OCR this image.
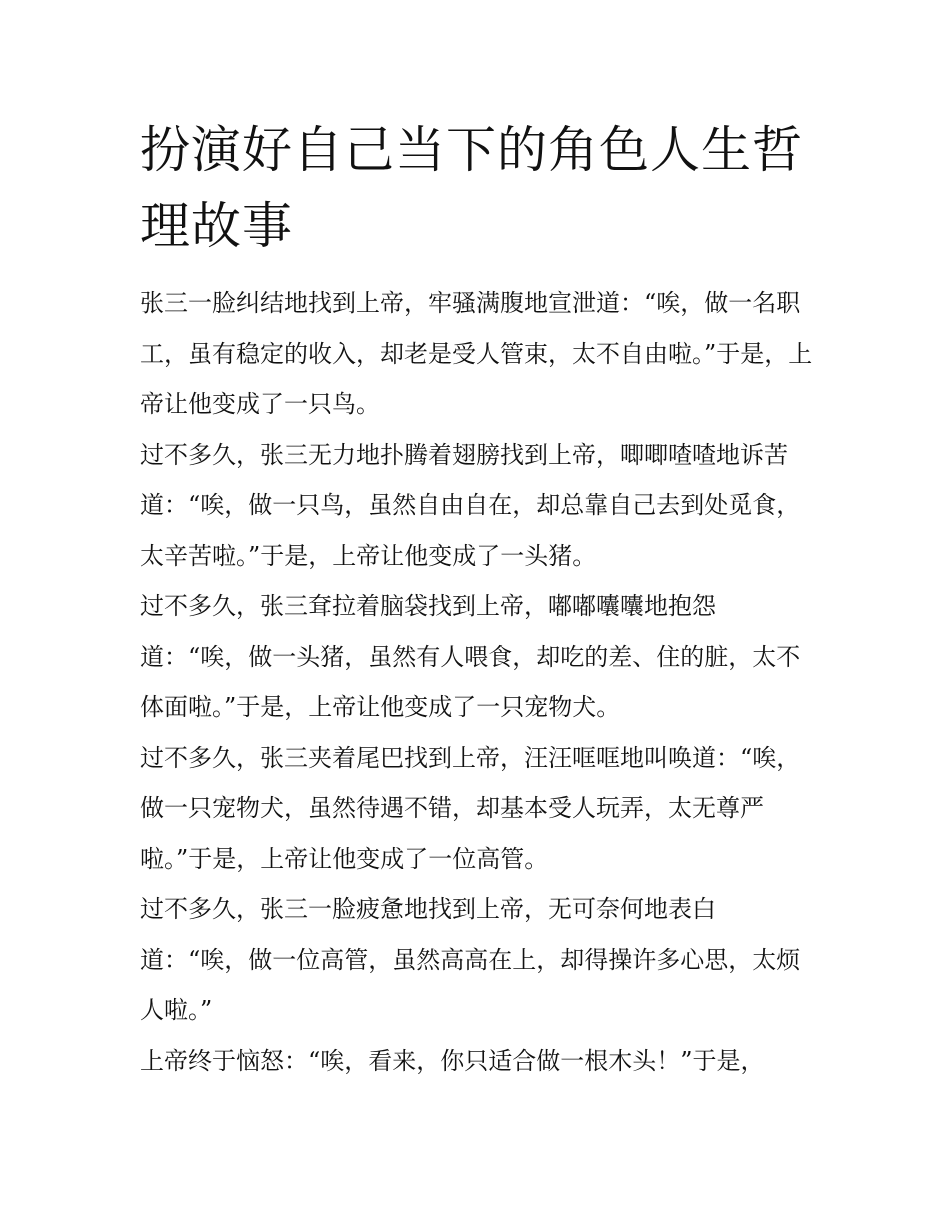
扮演好自己当下的角色人生哲理故事

张三一脸纠结地找到上帝，牢骚满腹地宣泄道：“唉，做一名职工，虽有稳定的收入，却老是受人管束，太不自由啦。”于是，上帝让他变成了一只鸟。

过不多久，张三无力地扑腾着翅膀找到上帝，唧唧喳喳地诉苦道：“唉，做一只鸟，虽然自由自在，却总靠自己去到处觅食，太辛苦啦。”于是，上帝让他变成了一头猪。

过不多久，张三耷拉着脑袋找到上帝，嘟嘟囔囔地抱怨道：“唉，做一头猪，虽然有人喂食，却吃的差、住的脏，太不体面啦。”于是，上帝让他变成了一只宠物犬。

过不多久，张三夹着尾巴找到上帝，汪汪哐哐地叫唤道：“唉，做一只宠物犬，虽然待遇不错，却基本受人玩弄，太无尊严啦。”于是，上帝让他变成了一位高管。

过不多久，张三一脸疲惫地找到上帝，无可奈何地表白道：“唉，做一位高管，虽然高高在上，却得操许多心思，太烦人啦。”

上帝终于恼怒：“唉，看来，你只适合做一根木头！”于是，
